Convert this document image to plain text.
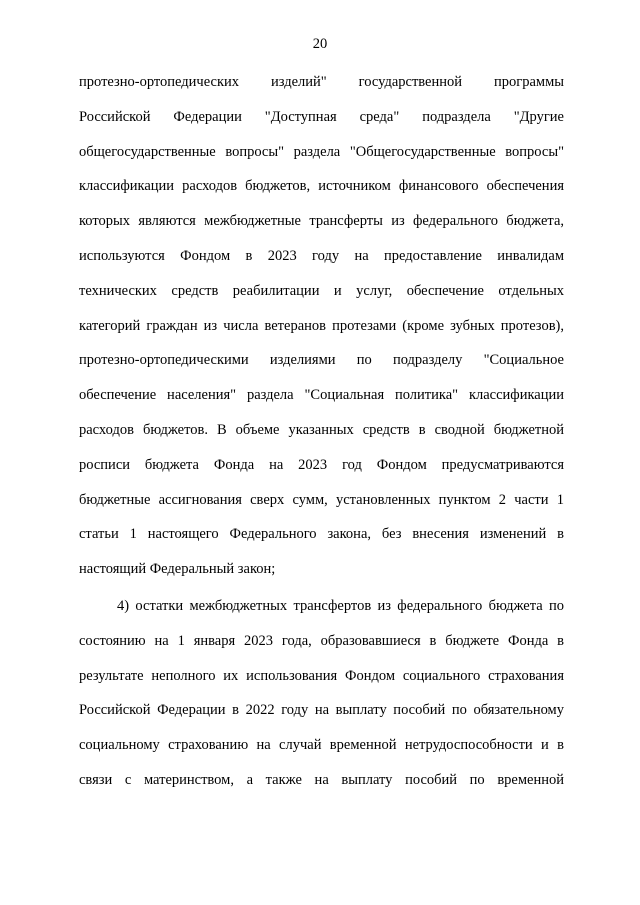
20
протезно-ортопедических изделий" государственной программы
Российской Федерации "Доступная среда" подраздела "Другие
общегосударственные вопросы" раздела "Общегосударственные вопросы"
классификации расходов бюджетов, источником финансового обеспечения
которых являются межбюджетные трансферты из федерального бюджета,
используются Фондом в 2023 году на предоставление инвалидам
технических средств реабилитации и услуг, обеспечение отдельных
категорий граждан из числа ветеранов протезами (кроме зубных протезов),
протезно-ортопедическими изделиями по подразделу "Социальное
обеспечение населения" раздела "Социальная политика" классификации
расходов бюджетов. В объеме указанных средств в сводной бюджетной
росписи бюджета Фонда на 2023 год Фондом предусматриваются
бюджетные ассигнования сверх сумм, установленных пунктом 2 части 1
статьи 1 настоящего Федерального закона, без внесения изменений в
настоящий Федеральный закон;
4) остатки межбюджетных трансфертов из федерального бюджета по
состоянию на 1 января 2023 года, образовавшиеся в бюджете Фонда в
результате неполного их использования Фондом социального страхования
Российской Федерации в 2022 году на выплату пособий по обязательному
социальному страхованию на случай временной нетрудоспособности и в
связи с материнством, а также на выплату пособий по временной
